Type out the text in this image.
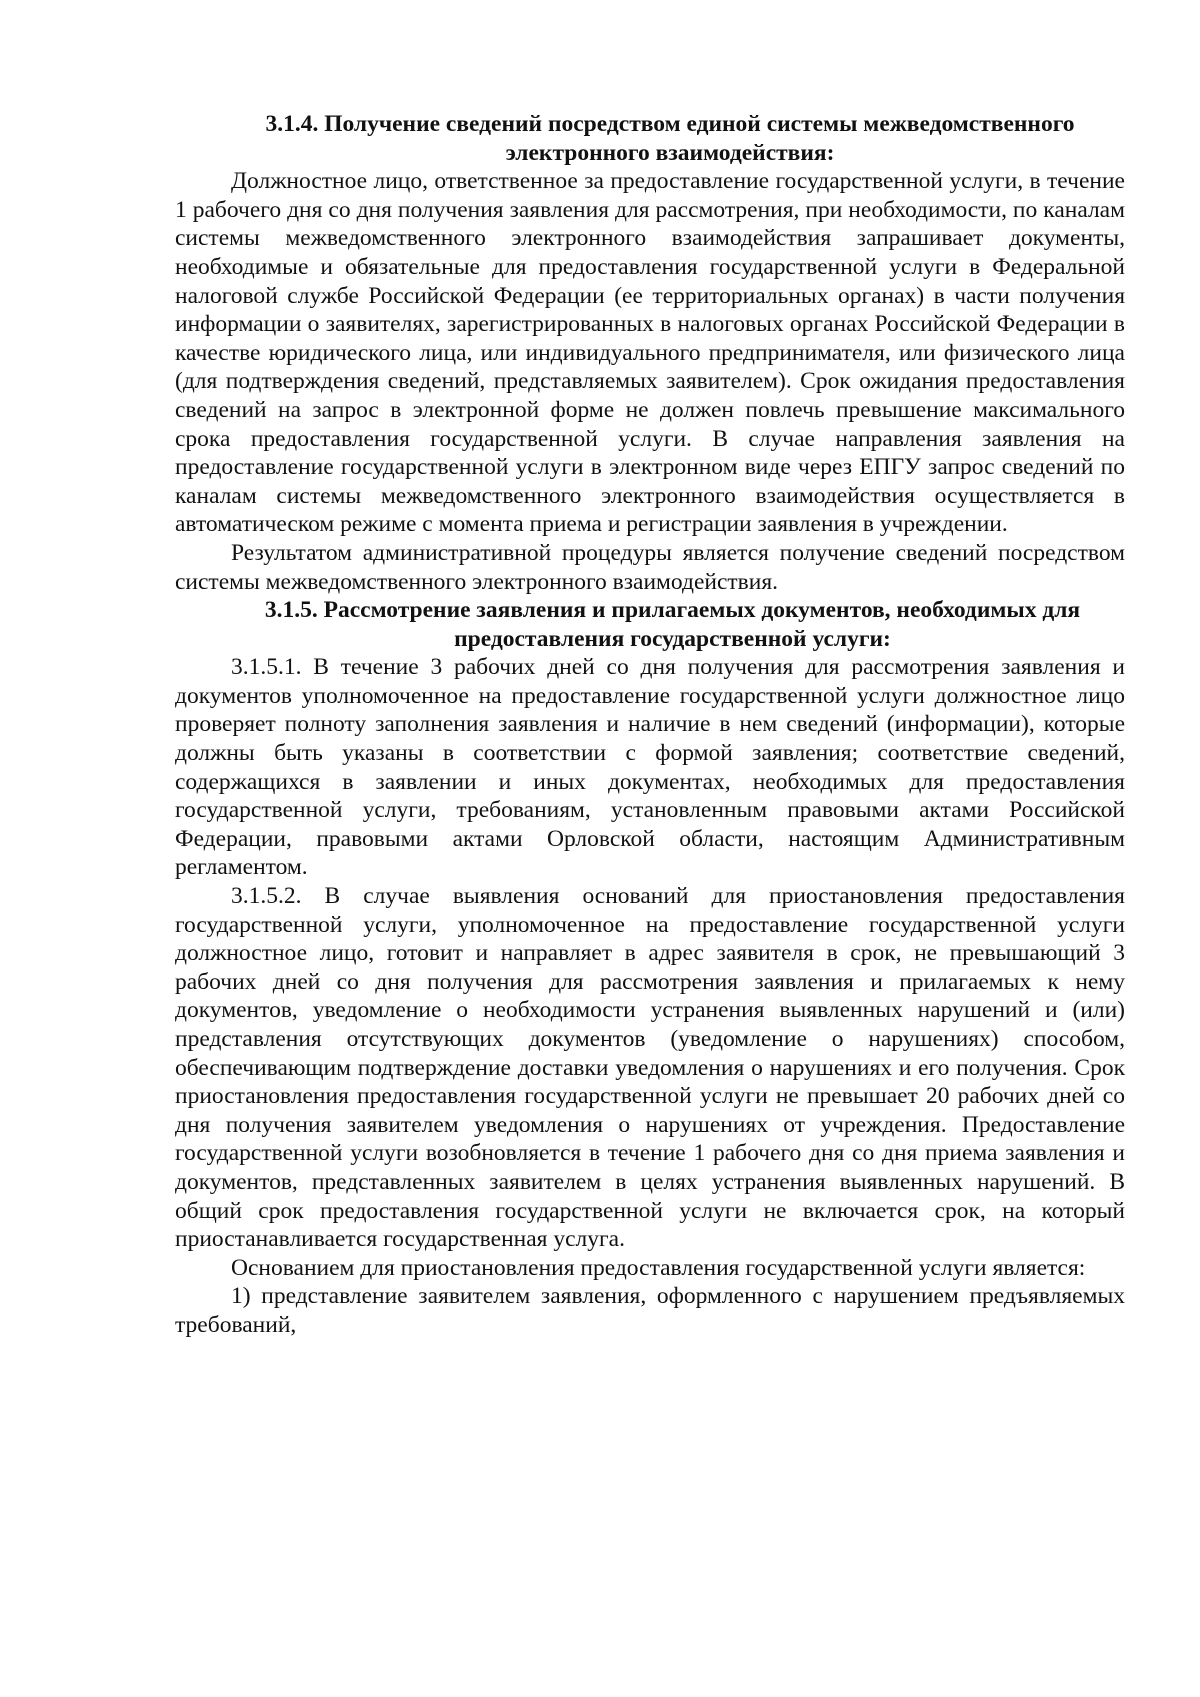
3.1.4. Получение сведений посредством единой системы межведомственного электронного взаимодействия:

Должностное лицо, ответственное за предоставление государственной услуги, в течение 1 рабочего дня со дня получения заявления для рассмотрения, при необходимости, по каналам системы межведомственного электронного взаимодействия запрашивает документы, необходимые и обязательные для предоставления государственной услуги в Федеральной налоговой службе Российской Федерации (ее территориальных органах) в части получения информации о заявителях, зарегистрированных в налоговых органах Российской Федерации в качестве юридического лица, или индивидуального предпринимателя, или физического лица (для подтверждения сведений, представляемых заявителем). Срок ожидания предоставления сведений на запрос в электронной форме не должен повлечь превышение максимального срока предоставления государственной услуги. В случае направления заявления на предоставление государственной услуги в электронном виде через ЕПГУ запрос сведений по каналам системы межведомственного электронного взаимодействия осуществляется в автоматическом режиме с момента приема и регистрации заявления в учреждении.

Результатом административной процедуры является получение сведений посредством системы межведомственного электронного взаимодействия.

3.1.5. Рассмотрение заявления и прилагаемых документов, необходимых для предоставления государственной услуги:

3.1.5.1. В течение 3 рабочих дней со дня получения для рассмотрения заявления и документов уполномоченное на предоставление государственной услуги должностное лицо проверяет полноту заполнения заявления и наличие в нем сведений (информации), которые должны быть указаны в соответствии с формой заявления; соответствие сведений, содержащихся в заявлении и иных документах, необходимых для предоставления государственной услуги, требованиям, установленным правовыми актами Российской Федерации, правовыми актами Орловской области, настоящим Административным регламентом.

3.1.5.2. В случае выявления оснований для приостановления предоставления государственной услуги, уполномоченное на предоставление государственной услуги должностное лицо, готовит и направляет в адрес заявителя в срок, не превышающий 3 рабочих дней со дня получения для рассмотрения заявления и прилагаемых к нему документов, уведомление о необходимости устранения выявленных нарушений и (или) представления отсутствующих документов (уведомление о нарушениях) способом, обеспечивающим подтверждение доставки уведомления о нарушениях и его получения. Срок приостановления предоставления государственной услуги не превышает 20 рабочих дней со дня получения заявителем уведомления о нарушениях от учреждения. Предоставление государственной услуги возобновляется в течение 1 рабочего дня со дня приема заявления и документов, представленных заявителем в целях устранения выявленных нарушений. В общий срок предоставления государственной услуги не включается срок, на который приостанавливается государственная услуга.

Основанием для приостановления предоставления государственной услуги является:

1) представление заявителем заявления, оформленного с нарушением предъявляемых требований,
